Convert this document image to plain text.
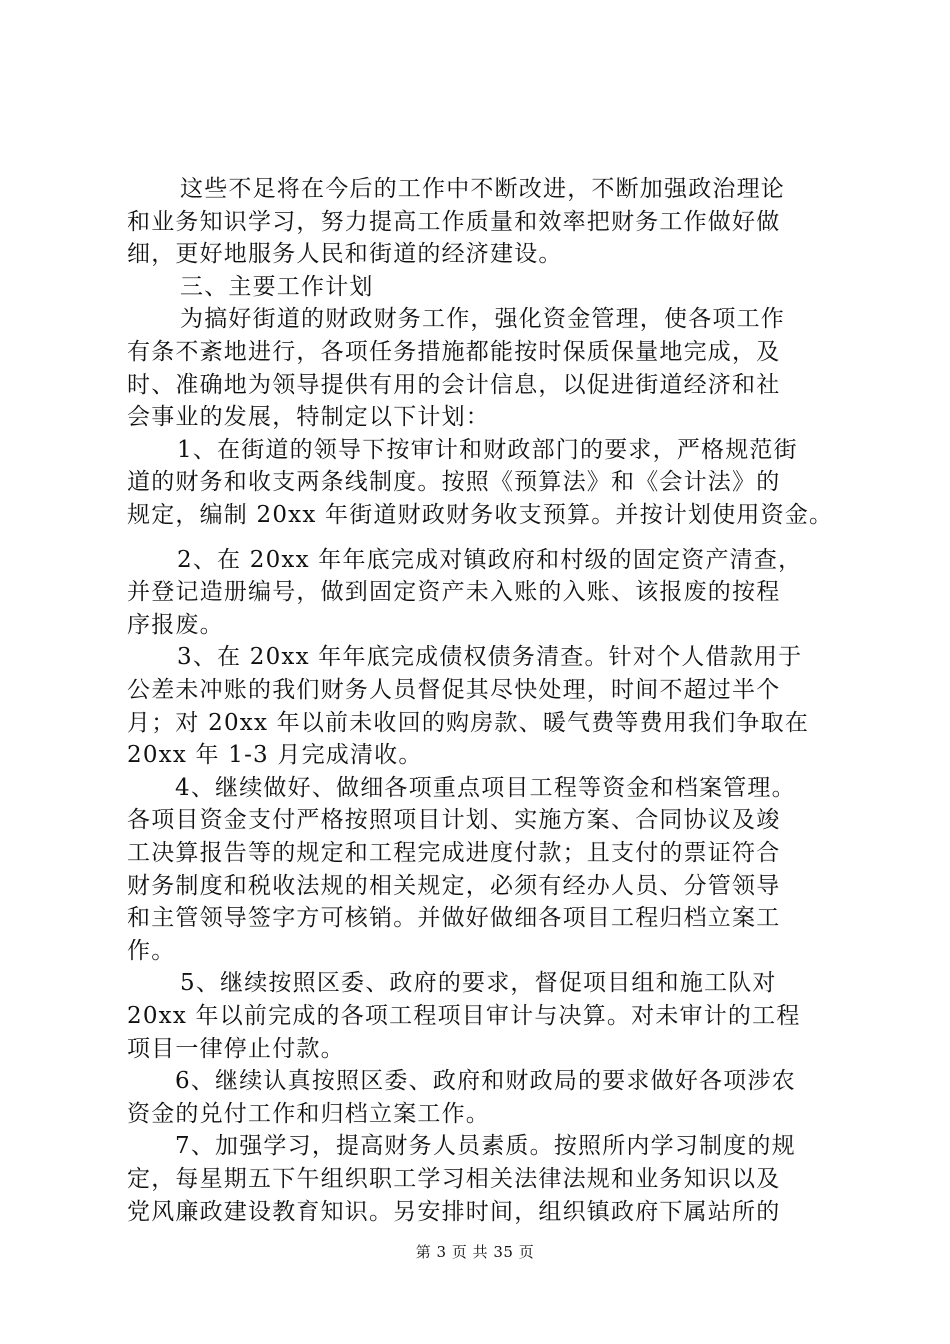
这些不足将在今后的工作中不断改进，不断加强政治理论
和业务知识学习，努力提高工作质量和效率把财务工作做好做
细，更好地服务人民和街道的经济建设。
三、主要工作计划
为搞好街道的财政财务工作，强化资金管理，使各项工作
有条不紊地进行，各项任务措施都能按时保质保量地完成，及
时、准确地为领导提供有用的会计信息，以促进街道经济和社
会事业的发展，特制定以下计划：
1、在街道的领导下按审计和财政部门的要求，严格规范街
道的财务和收支两条线制度。按照《预算法》和《会计法》的
规定，编制 20xx 年街道财政财务收支预算。并按计划使用资金。
2、在 20xx 年年底完成对镇政府和村级的固定资产清查，
并登记造册编号，做到固定资产未入账的入账、该报废的按程
序报废。
3、在 20xx 年年底完成债权债务清查。针对个人借款用于
公差未冲账的我们财务人员督促其尽快处理，时间不超过半个
月；对 20xx 年以前未收回的购房款、暖气费等费用我们争取在
20xx 年 1-3 月完成清收。
4、继续做好、做细各项重点项目工程等资金和档案管理。
各项目资金支付严格按照项目计划、实施方案、合同协议及竣
工决算报告等的规定和工程完成进度付款；且支付的票证符合
财务制度和税收法规的相关规定，必须有经办人员、分管领导
和主管领导签字方可核销。并做好做细各项目工程归档立案工
作。
5、继续按照区委、政府的要求，督促项目组和施工队对
20xx 年以前完成的各项工程项目审计与决算。对未审计的工程
项目一律停止付款。
6、继续认真按照区委、政府和财政局的要求做好各项涉农
资金的兑付工作和归档立案工作。
7、加强学习，提高财务人员素质。按照所内学习制度的规
定，每星期五下午组织职工学习相关法律法规和业务知识以及
党风廉政建设教育知识。另安排时间，组织镇政府下属站所的
第 3 页 共 35 页
